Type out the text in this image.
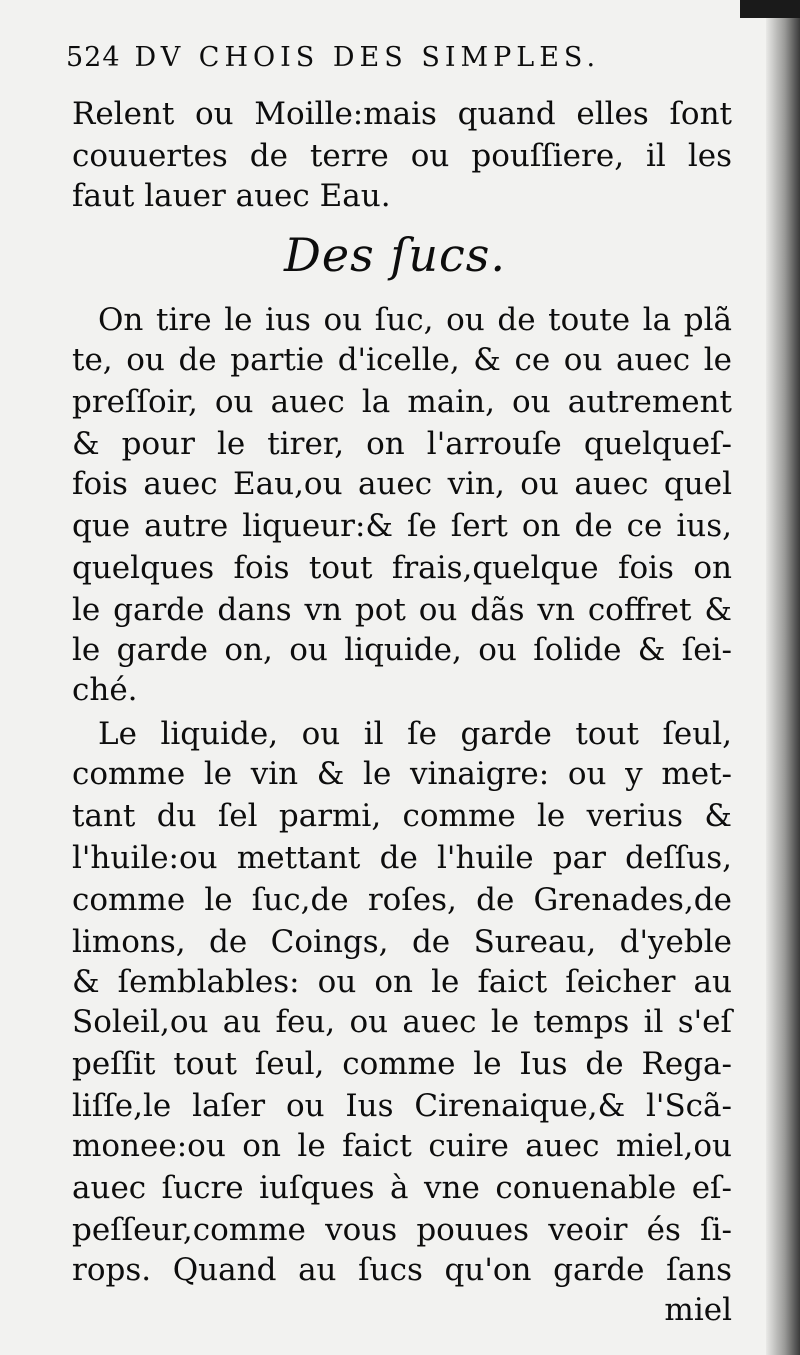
524 DV CHOIS DES SIMPLES.
Relent ou Moille:mais quand elles ſont
couuertes de terre ou pouſſiere, il les
faut lauer auec Eau.
Des ſucs.
On tire le ius ou ſuc, ou de toute la plã
te, ou de partie d'icelle, & ce ou auec le
preſſoir, ou auec la main, ou autrement
& pour le tirer, on l'arrouſe quelqueſ-
fois auec Eau,ou auec vin, ou auec quel
que autre liqueur:& ſe ſert on de ce ius,
quelques fois tout frais,quelque fois on
le garde dans vn pot ou dãs vn coffret &
le garde on, ou liquide, ou ſolide & ſei-
ché.
Le liquide, ou il ſe garde tout ſeul,
comme le vin & le vinaigre: ou y met-
tant du ſel parmi, comme le verius &
l'huile:ou mettant de l'huile par deſſus,
comme le ſuc,de roſes, de Grenades,de
limons, de Coings, de Sureau, d'yeble
& ſemblables: ou on le faict ſeicher au
Soleil,ou au feu, ou auec le temps il s'eſ
peſſit tout ſeul, comme le Ius de Rega-
liſſe,le laſer ou Ius Cirenaique,& l'Scã-
monee:ou on le faict cuire auec miel,ou
auec ſucre iuſques à vne conuenable eſ-
peſſeur,comme vous pouues veoir és ſi-
rops. Quand au ſucs qu'on garde ſans
miel
